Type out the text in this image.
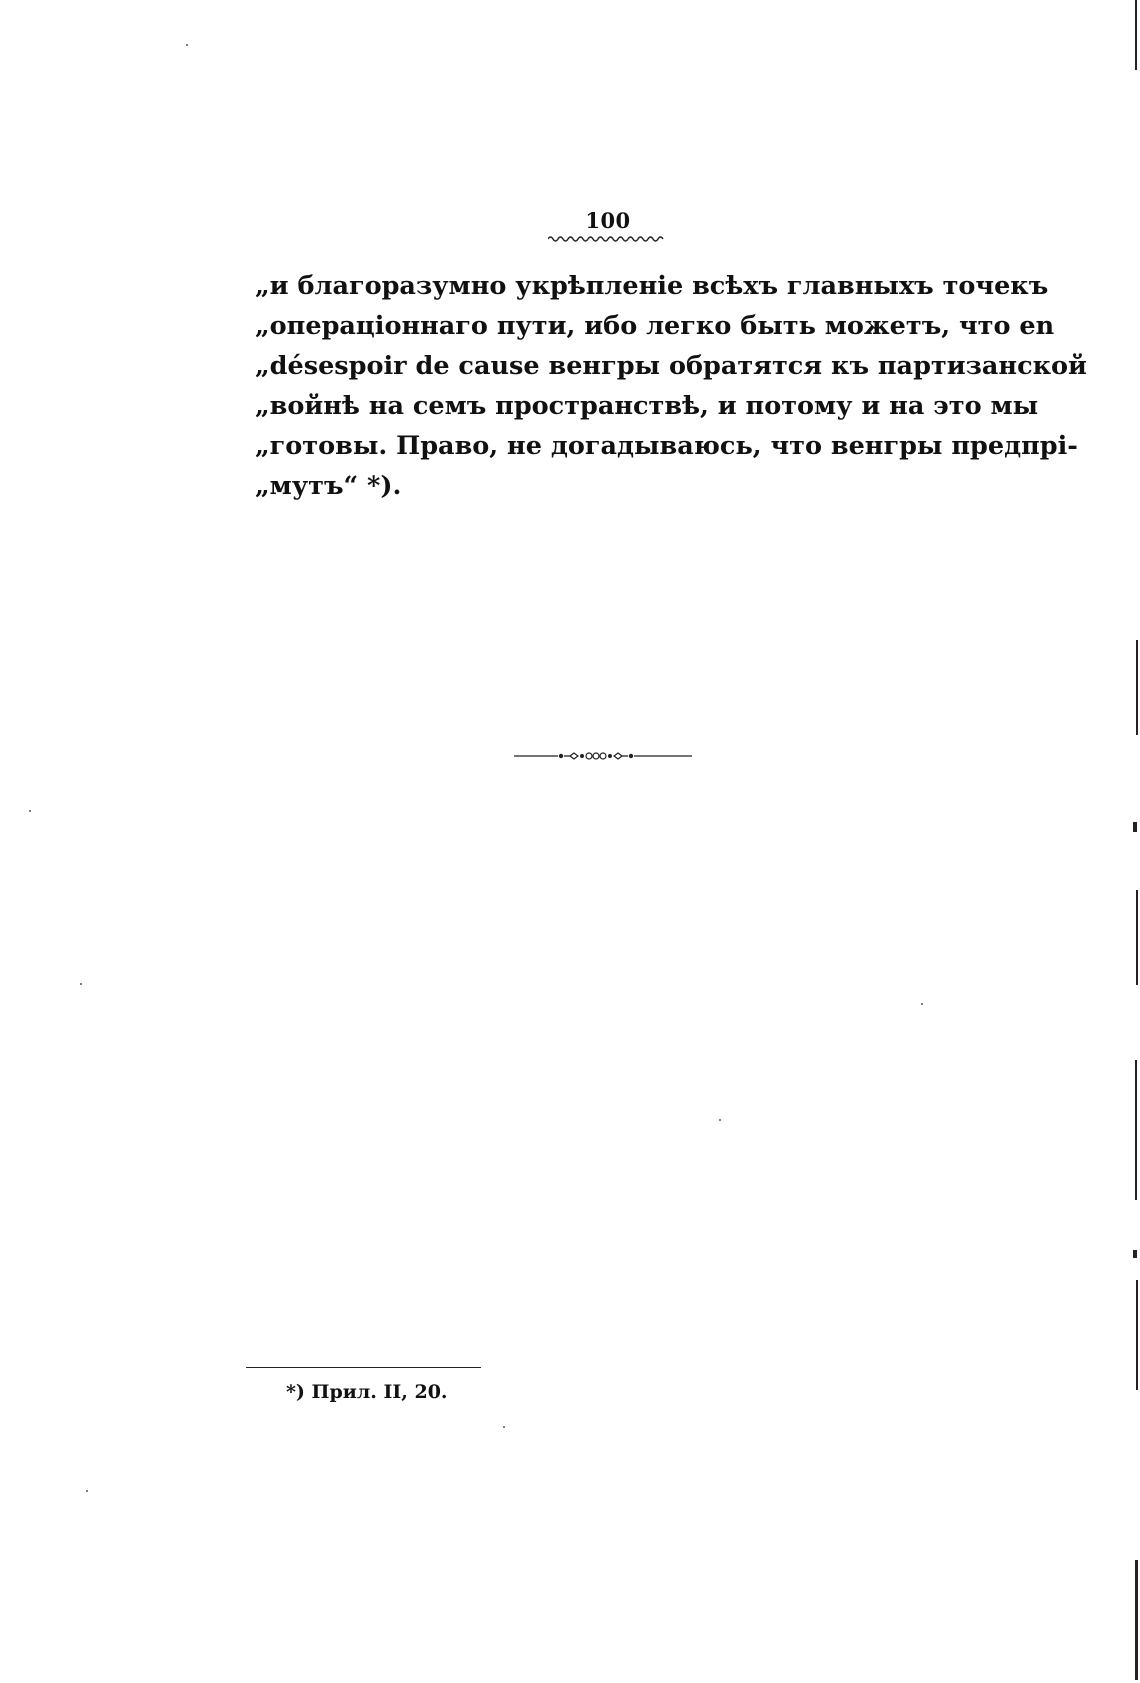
100
„и благоразумно укрѣпленіе всѣхъ главныхъ точекъ
„операціоннаго пути, ибо легко быть можетъ, что en
„désespoir de cause венгры обратятся къ партизанской
„войнѣ на семъ пространствѣ, и потому и на это мы
„готовы. Право, не догадываюсь, что венгры предпрі-
„мутъ“ *).
*) Прил. II, 20.
